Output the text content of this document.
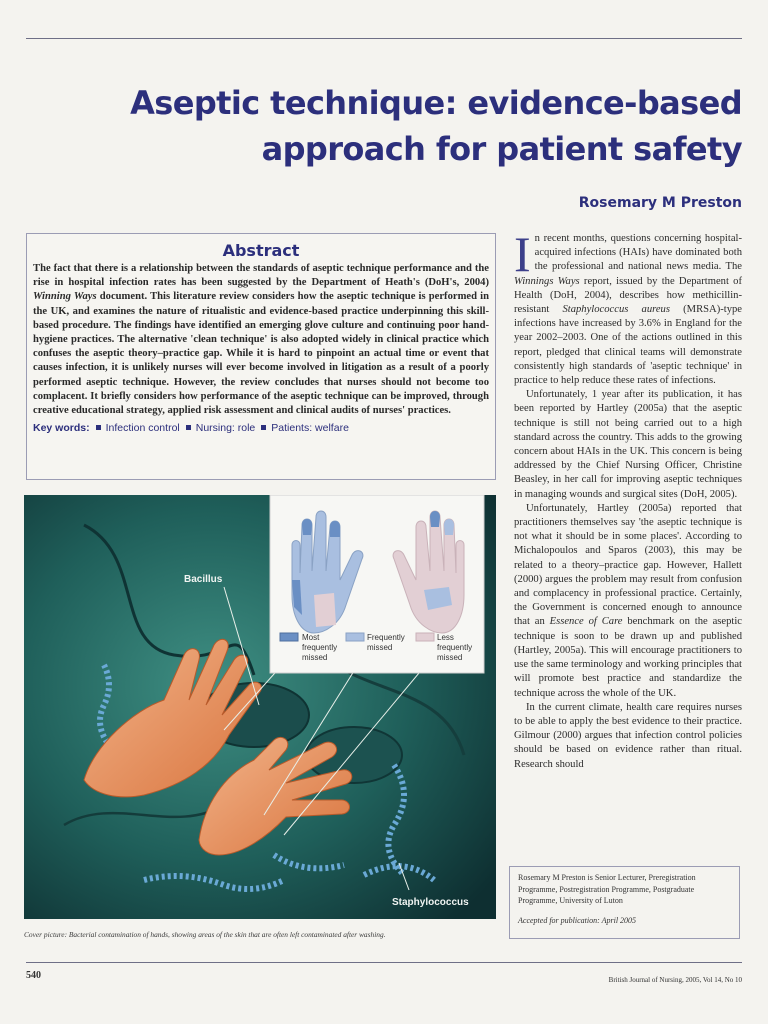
Aseptic technique: evidence-based
approach for patient safety
Rosemary M Preston
Abstract

The fact that there is a relationship between the standards of aseptic technique performance and the rise in hospital infection rates has been suggested by the Department of Heath's (DoH's, 2004) Winning Ways document. This literature review considers how the aseptic technique is performed in the UK, and examines the nature of ritualistic and evidence-based practice underpinning this skill-based procedure. The findings have identified an emerging glove culture and continuing poor hand-hygiene practices. The alternative 'clean technique' is also adopted widely in clinical practice which confuses the aseptic theory–practice gap. While it is hard to pinpoint an actual time or event that causes infection, it is unlikely nurses will ever become involved in litigation as a result of a poorly performed aseptic technique. However, the review concludes that nurses should not become too complacent. It briefly considers how performance of the aseptic technique can be improved, through creative educational strategy, applied risk assessment and clinical audits of nurses' practices.

Key words: Infection control Nursing: role Patients: welfare
Bacillus
Staphylococcus
Most
frequently
missed
Frequently
missed
Less
frequently
missed
Cover picture: Bacterial contamination of hands, showing areas of the skin that are often left contaminated after washing.

In recent months, questions concerning hospital-acquired infections (HAIs) have dominated both the professional and national news media. The Winnings Ways report, issued by the Department of Health (DoH, 2004), describes how methicillin-resistant Staphylococcus aureus (MRSA)-type infections have increased by 3.6% in England for the year 2002–2003. One of the actions outlined in this report, pledged that clinical teams will demonstrate consistently high standards of 'aseptic technique' in practice to help reduce these rates of infections.

Unfortunately, 1 year after its publication, it has been reported by Hartley (2005a) that the aseptic technique is still not being carried out to a high standard across the country. This adds to the growing concern about HAIs in the UK. This concern is being addressed by the Chief Nursing Officer, Christine Beasley, in her call for improving aseptic techniques in managing wounds and surgical sites (DoH, 2005).

Unfortunately, Hartley (2005a) reported that practitioners themselves say 'the aseptic technique is not what it should be in some places'. According to Michalopoulos and Sparos (2003), this may be related to a theory–practice gap. However, Hallett (2000) argues the problem may result from confusion and complacency in professional practice. Certainly, the Government is concerned enough to announce that an Essence of Care benchmark on the aseptic technique is soon to be drawn up and published (Hartley, 2005a). This will encourage practitioners to use the same terminology and working principles that will promote best practice and standardize the technique across the whole of the UK.

In the current climate, health care requires nurses to be able to apply the best evidence to their practice. Gilmour (2000) argues that infection control policies should be based on evidence rather than ritual. Research should

Rosemary M Preston is Senior Lecturer, Preregistration Programme, Postregistration Programme, Postgraduate Programme, University of Luton
Accepted for publication: April 2005
540	British Journal of Nursing, 2005, Vol 14, No 10
